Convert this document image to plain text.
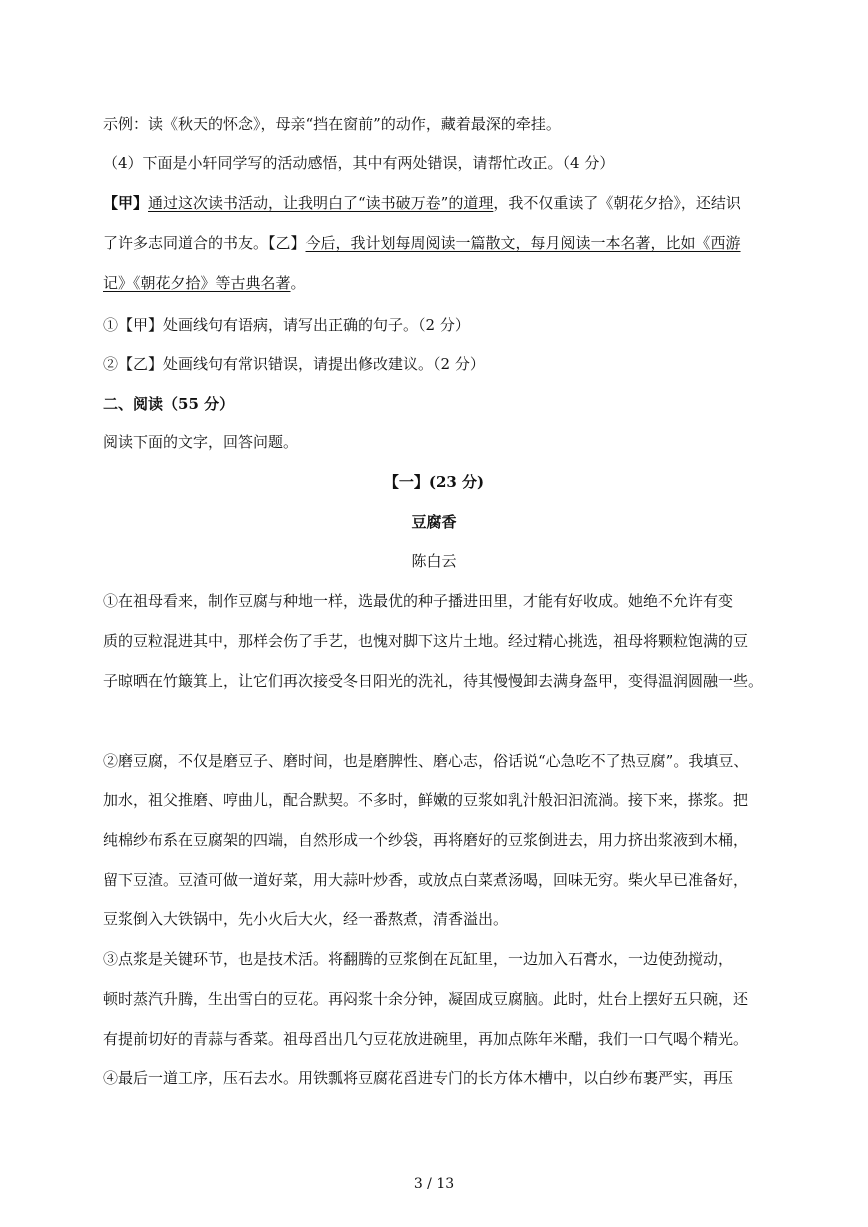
示例：读《秋天的怀念》，母亲“挡在窗前”的动作，藏着最深的牵挂。
（4）下面是小轩同学写的活动感悟，其中有两处错误，请帮忙改正。（4 分）
【甲】通过这次读书活动，让我明白了“读书破万卷”的道理，我不仅重读了《朝花夕拾》，还结识
了许多志同道合的书友。【乙】今后，我计划每周阅读一篇散文，每月阅读一本名著，比如《西游
记》《朝花夕拾》等古典名著。
①【甲】处画线句有语病，请写出正确的句子。（2 分）
②【乙】处画线句有常识错误，请提出修改建议。（2 分）
二、阅读（55 分）
阅读下面的文字，回答问题。
【一】(23 分)
豆腐香
陈白云
①在祖母看来，制作豆腐与种地一样，选最优的种子播进田里，才能有好收成。她绝不允许有变
质的豆粒混进其中，那样会伤了手艺，也愧对脚下这片土地。经过精心挑选，祖母将颗粒饱满的豆
子晾晒在竹簸箕上，让它们再次接受冬日阳光的洗礼，待其慢慢卸去满身盔甲，变得温润圆融一些。
②磨豆腐，不仅是磨豆子、磨时间，也是磨脾性、磨心志，俗话说“心急吃不了热豆腐”。我填豆、
加水，祖父推磨、哼曲儿，配合默契。不多时，鲜嫩的豆浆如乳汁般汩汩流淌。接下来，搽浆。把
纯棉纱布系在豆腐架的四端，自然形成一个纱袋，再将磨好的豆浆倒进去，用力挤出浆液到木桶，
留下豆渣。豆渣可做一道好菜，用大蒜叶炒香，或放点白菜煮汤喝，回味无穷。柴火早已准备好，
豆浆倒入大铁锅中，先小火后大火，经一番熬煮，清香溢出。
③点浆是关键环节，也是技术活。将翻腾的豆浆倒在瓦缸里，一边加入石膏水，一边使劲搅动，
顿时蒸汽升腾，生出雪白的豆花。再闷浆十余分钟，凝固成豆腐脑。此时，灶台上摆好五只碗，还
有提前切好的青蒜与香菜。祖母舀出几勺豆花放进碗里，再加点陈年米醋，我们一口气喝个精光。
④最后一道工序，压石去水。用铁瓢将豆腐花舀进专门的长方体木槽中，以白纱布裹严实，再压
3 / 13
